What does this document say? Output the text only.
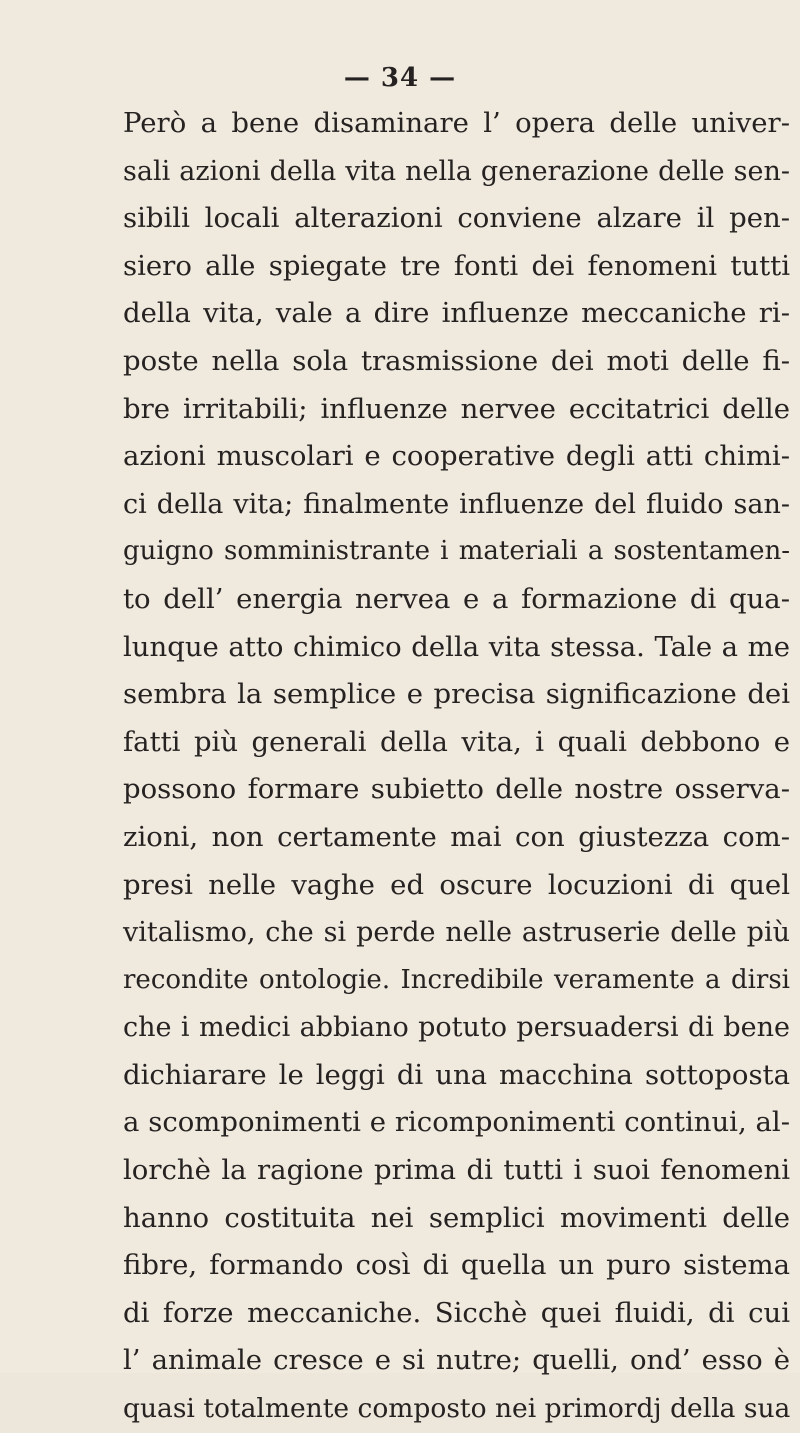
— 34 —
Però a bene disaminare l’ opera delle univer-
sali azioni della vita nella generazione delle sen-
sibili locali alterazioni conviene alzare il pen-
siero alle spiegate tre fonti dei fenomeni tutti
della vita, vale a dire influenze meccaniche ri-
poste nella sola trasmissione dei moti delle fi-
bre irritabili; influenze nervee eccitatrici delle
azioni muscolari e cooperative degli atti chimi-
ci della vita; finalmente influenze del fluido san-
guigno somministrante i materiali a sostentamen-
to dell’ energia nervea e a formazione di qua-
lunque atto chimico della vita stessa. Tale a me
sembra la semplice e precisa significazione dei
fatti più generali della vita, i quali debbono e
possono formare subietto delle nostre osserva-
zioni, non certamente mai con giustezza com-
presi nelle vaghe ed oscure locuzioni di quel
vitalismo, che si perde nelle astruserie delle più
recondite ontologie. Incredibile veramente a dirsi
che i medici abbiano potuto persuadersi di bene
dichiarare le leggi di una macchina sottoposta
a scomponimenti e ricomponimenti continui, al-
lorchè la ragione prima di tutti i suoi fenomeni
hanno costituita nei semplici movimenti delle
fibre, formando così di quella un puro sistema
di forze meccaniche. Sicchè quei fluidi, di cui
l’ animale cresce e si nutre; quelli, ond’ esso è
quasi totalmente composto nei primordj della sua
